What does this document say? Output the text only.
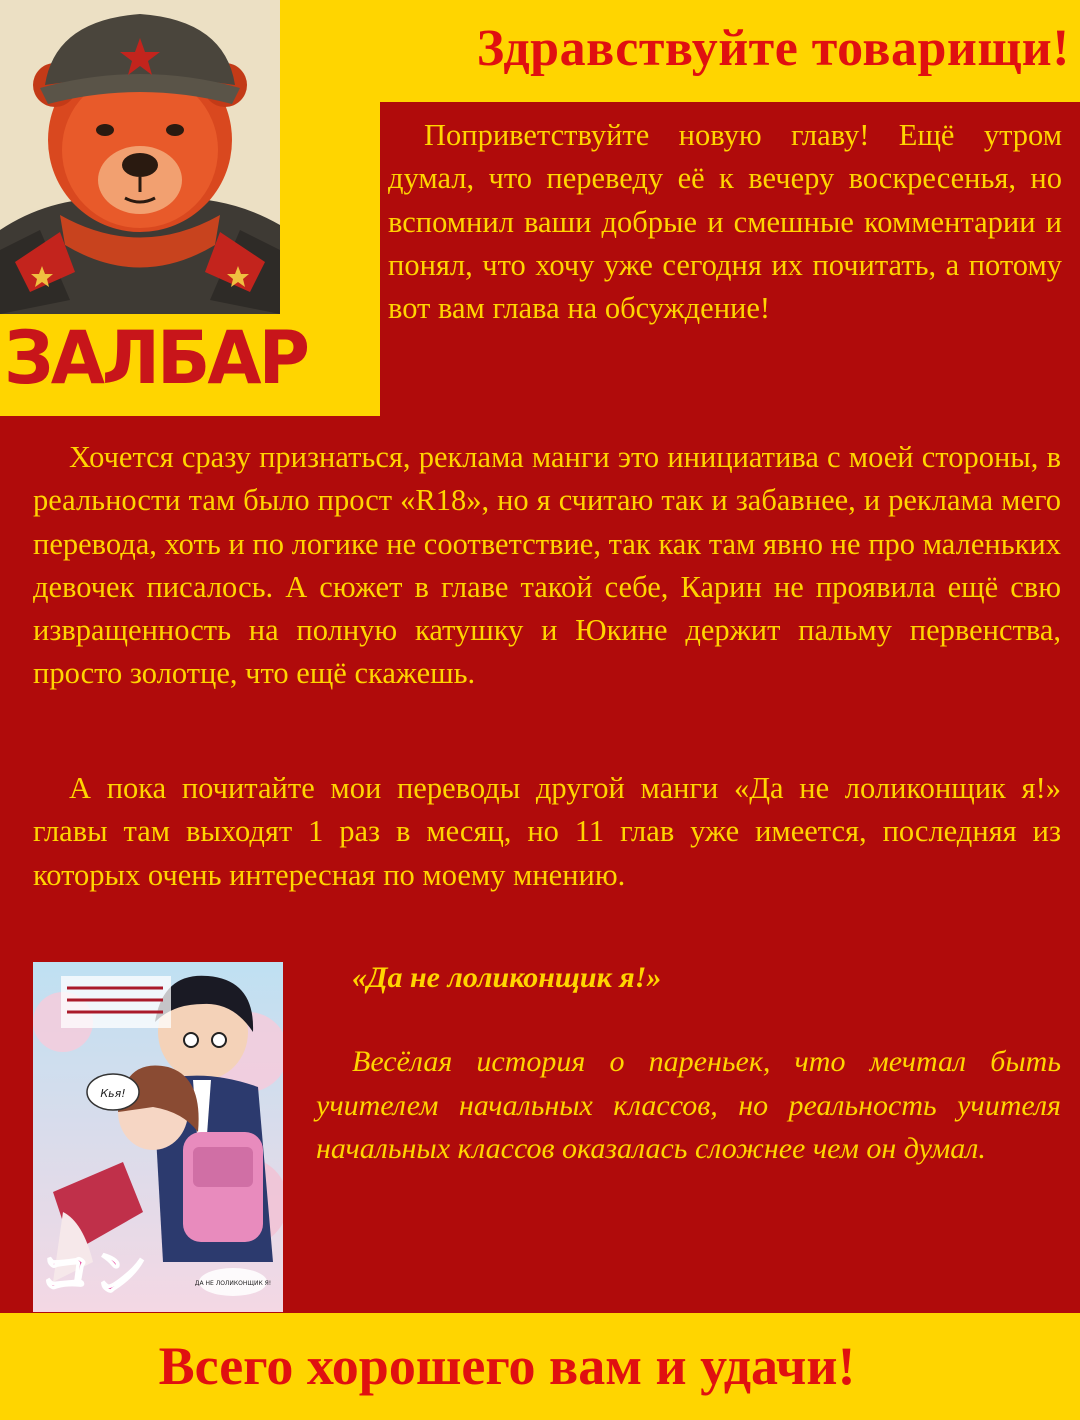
ЗАЛБАР
Здравствуйте товарищи!

Поприветствуйте новую главу! Ещё утром думал, что переведу её к вечеру воскресенья, но вспомнил ваши добрые и смешные комментарии и понял, что хочу уже сегодня их почитать, а потому вот вам глава на обсуждение!

Хочется сразу признаться, реклама манги это инициатива с моей стороны, в реальности там было прост «R18», но я считаю так и забавнее, и реклама мего перевода, хоть и по логике не соответствие, так как там явно не про маленьких девочек писалось. А сюжет в главе такой себе, Карин не проявила ещё свю извращенность на полную катушку и Юкине держит пальму первенства, просто золотце, что ещё скажешь.

А пока почитайте мои переводы другой манги «Да не лоликонщик я!» главы там выходят 1 раз в месяц, но 11 глав уже имеется, последняя из которых очень интересная по моему мнению.

Кья!
コン	ДА НЕ ЛОЛИКОНЩИК Я!
«Да не лоликонщик я!»

Весёлая история о пареньек, что мечтал быть учителем начальных классов, но реальность учителя начальных классов оказалась сложнее чем он думал.

Всего хорошего вам и удачи!
